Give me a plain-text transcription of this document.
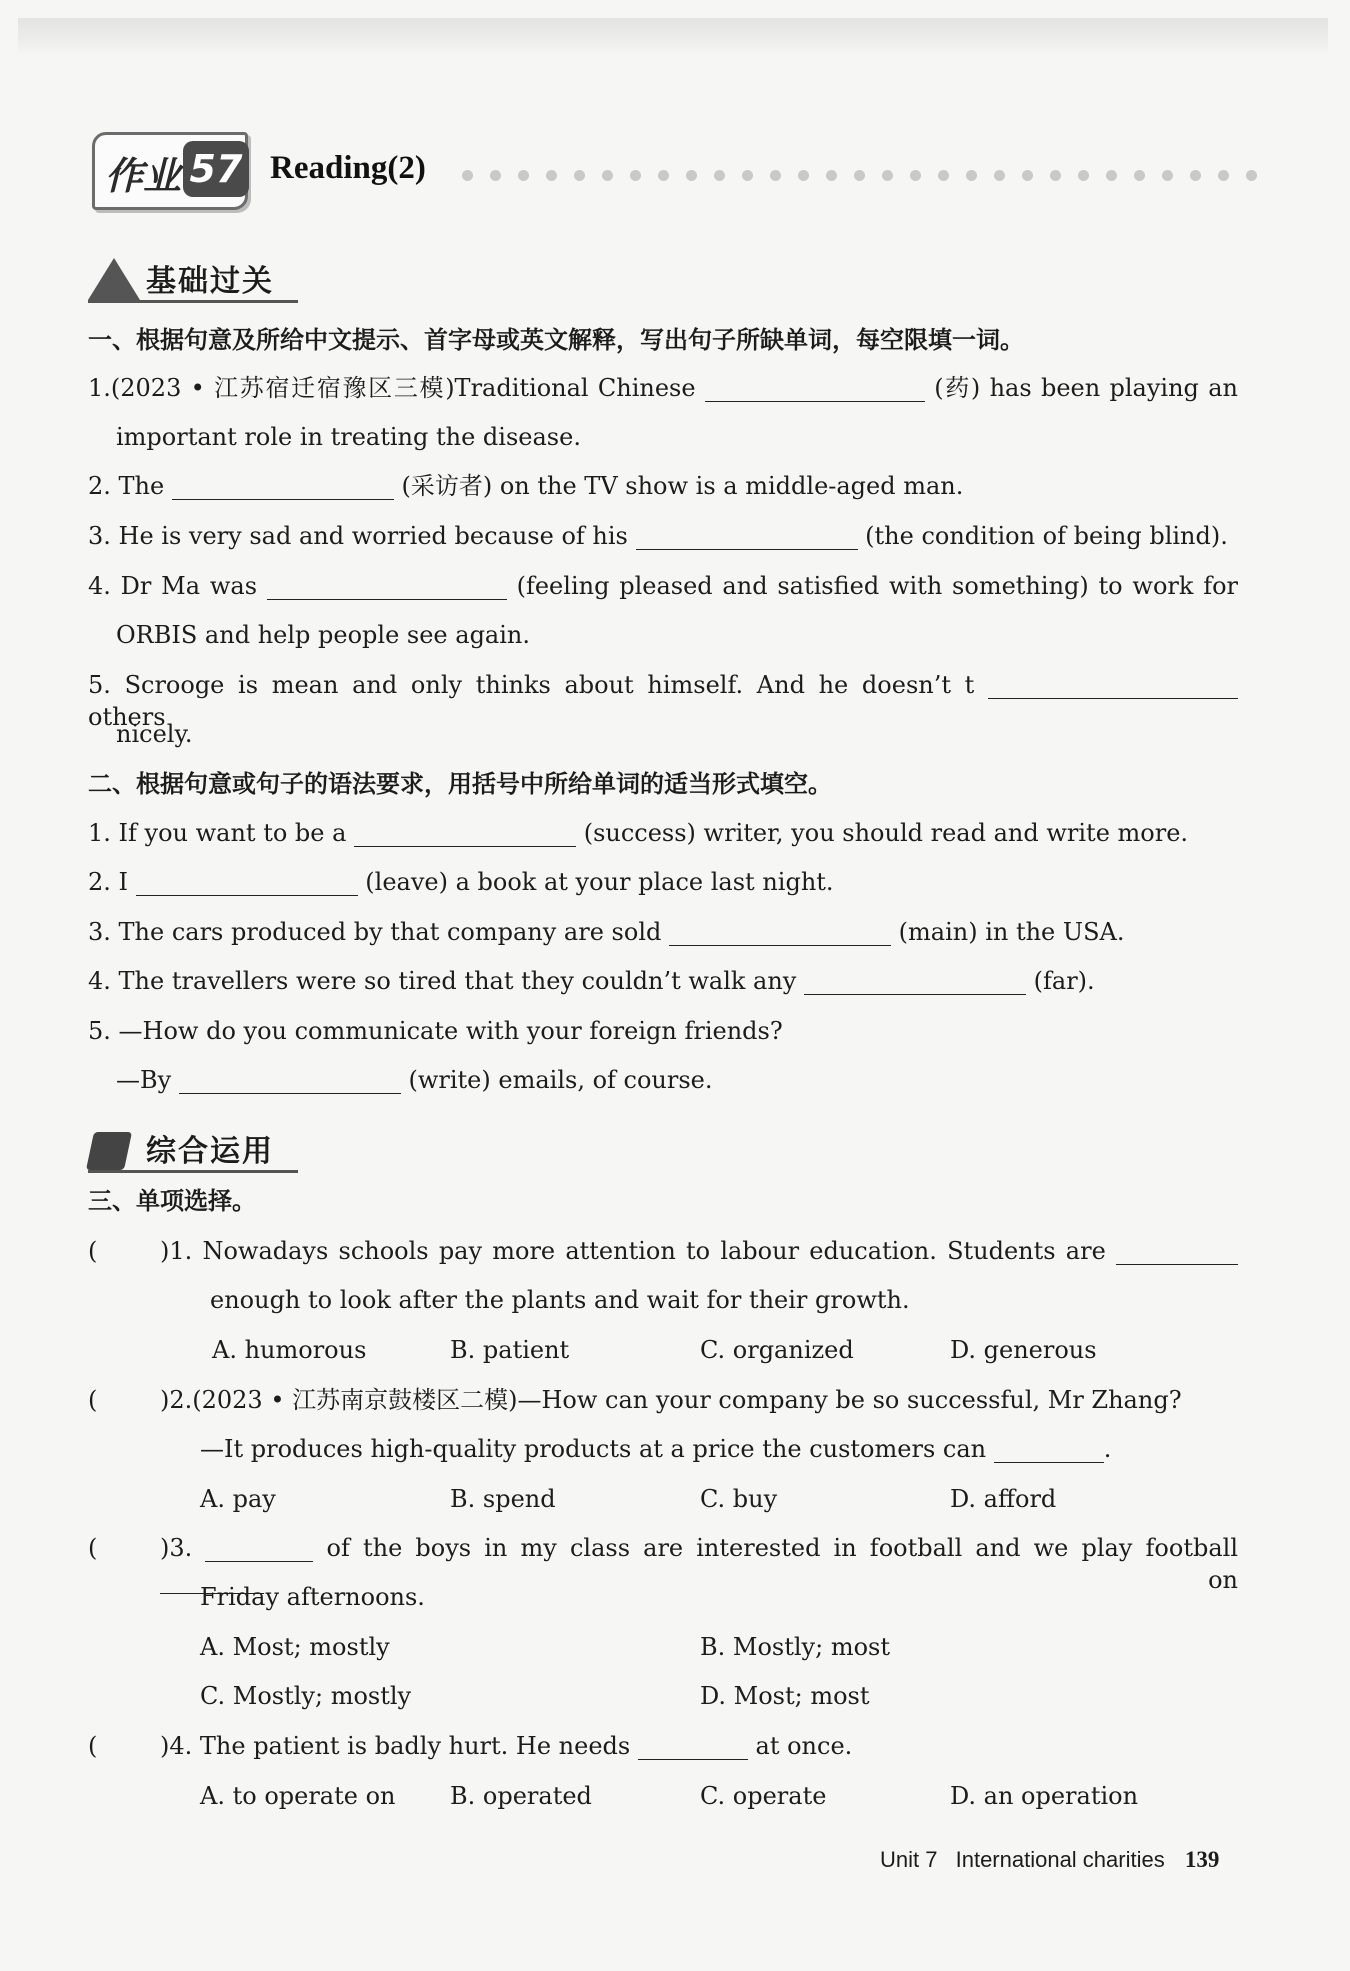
作业 57 Reading(2)
基础过关
一、根据句意及所给中文提示、首字母或英文解释，写出句子所缺单词，每空限填一词。
1.(2023 • 江苏宿迁宿豫区三模)Traditional Chinese	(药) has been playing an
important role in treating the disease.
2. The	(采访者) on the TV show is a middle-aged man.
3. He is very sad and worried because of his	(the condition of being blind).
4. Dr Ma was	(feeling pleased and satisfied with something) to work for
ORBIS and help people see again.
5. Scrooge is mean and only thinks about himself. And he doesn’t t  others
nicely.
二、根据句意或句子的语法要求，用括号中所给单词的适当形式填空。
1. If you want to be a	(success) writer, you should read and write more.
2. I	(leave) a book at your place last night.
3. The cars produced by that company are sold	(main) in the USA.
4. The travellers were so tired that they couldn’t walk any	(far).
5. —How do you communicate with your foreign friends?
—By	(write) emails, of course.
综合运用
三、单项选择。
(	)1. Nowadays schools pay more attention to labour education. Students are
enough to look after the plants and wait for their growth.
A. humorous	B. patient	C. organized	D. generous
(	)2.(2023 • 江苏南京鼓楼区二模)—How can your company be so successful, Mr Zhang?
—It produces high-quality products at a price the customers can	.
A. pay	B. spend	C. buy	D. afford
(	)3.	of the boys in my class are interested in football and we play football  on
Friday afternoons.
A. Most; mostly	B. Mostly; most
C. Mostly; mostly	D. Most; most
(	)4. The patient is badly hurt. He needs	at once.
A. to operate on B. operated	C. operate	D. an operation
Unit 7 International charities 139
